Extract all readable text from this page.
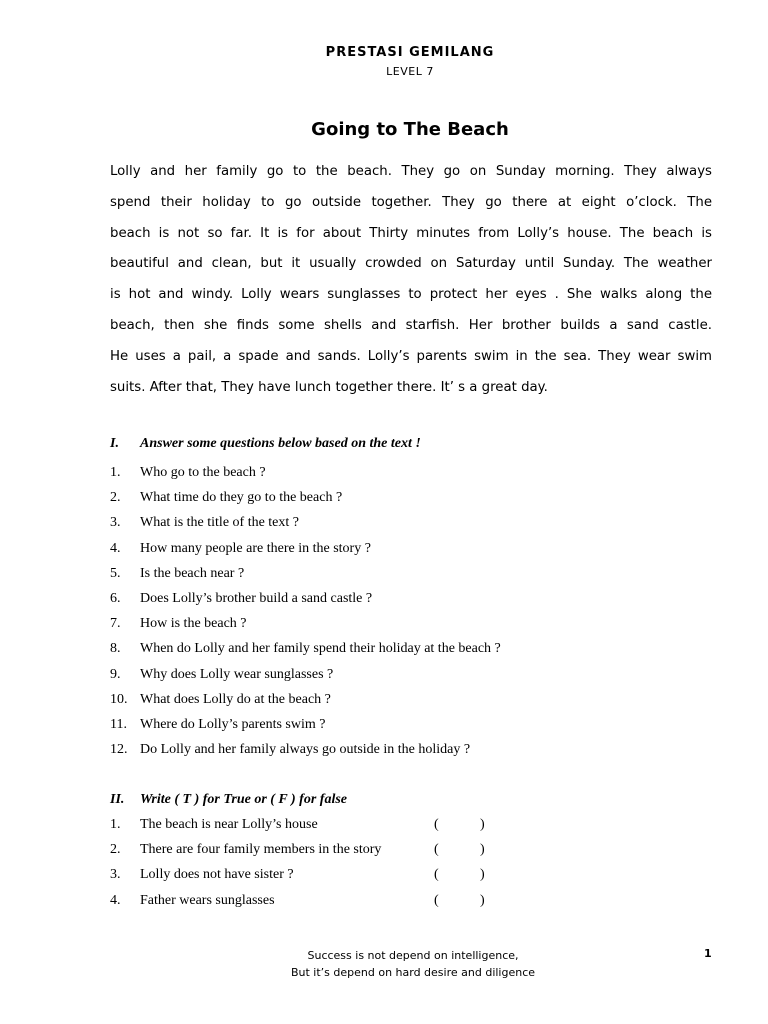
PRESTASI GEMILANG
LEVEL 7
Going to The Beach
Lolly and her family go to the beach. They go on Sunday morning. They always
spend their holiday to go outside together. They go there at eight o’clock. The
beach is not so far. It is for about Thirty minutes from Lolly’s house. The beach is
beautiful and clean, but it usually crowded on Saturday until Sunday. The weather
is hot and windy. Lolly wears sunglasses to protect her eyes . She walks along the
beach, then she finds some shells and starfish. Her brother builds a sand castle.
He uses a pail, a spade and sands. Lolly’s parents swim in the sea. They wear swim
suits. After that, They have lunch together there. It’ s a great day.
I. Answer some questions below based on the text !
1. Who go to the beach ?
2. What time do they go to the beach ?
3. What is the title of the text ?
4. How many people are there in the story ?
5. Is the beach near ?
6. Does Lolly’s brother build a sand castle ?
7. How is the beach ?
8. When do Lolly and her family spend their holiday at the beach ?
9. Why does Lolly wear sunglasses ?
10. What does Lolly do at the beach ?
11. Where do Lolly’s parents swim ?
12. Do Lolly and her family always go outside in the holiday ?
II. Write ( T ) for True or ( F ) for false
1. The beach is near Lolly’s house	(	)
2. There are four family members in the story	(	)
3. Lolly does not have sister ?	(	)
4. Father wears sunglasses	(	)
Success is not depend on intelligence,
But it’s depend on hard desire and diligence
1
